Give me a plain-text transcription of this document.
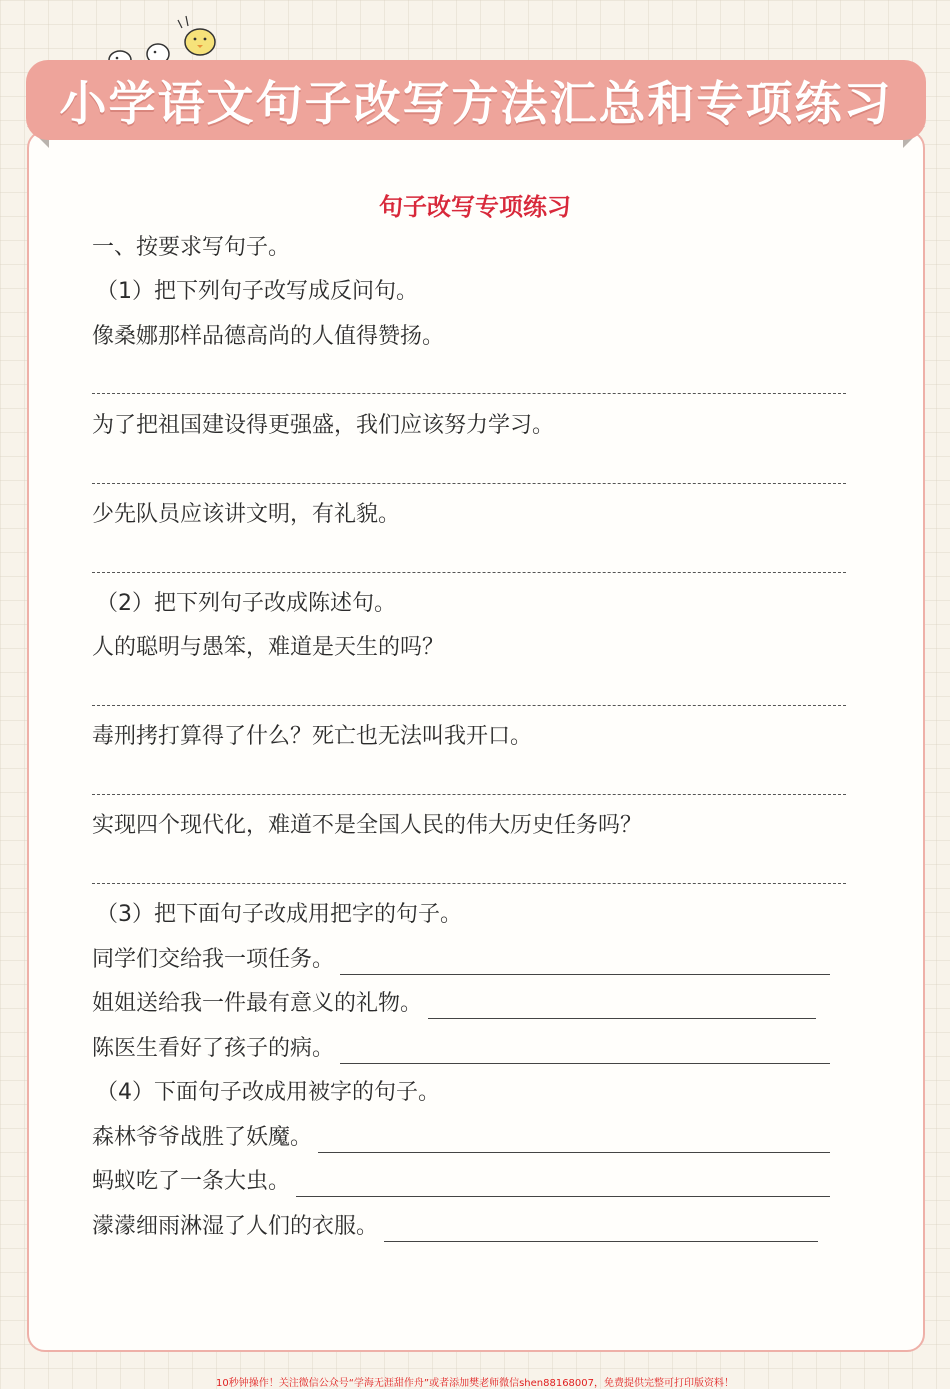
小学语文句子改写方法汇总和专项练习
句子改写专项练习
一、按要求写句子。
（1）把下列句子改写成反问句。
像桑娜那样品德高尚的人值得赞扬。
为了把祖国建设得更强盛，我们应该努力学习。
少先队员应该讲文明，有礼貌。
（2）把下列句子改成陈述句。
人的聪明与愚笨，难道是天生的吗？
毒刑拷打算得了什么？死亡也无法叫我开口。
实现四个现代化，难道不是全国人民的伟大历史任务吗？
（3）把下面句子改成用把字的句子。
同学们交给我一项任务。
姐姐送给我一件最有意义的礼物。
陈医生看好了孩子的病。
（4）下面句子改成用被字的句子。
森林爷爷战胜了妖魔。
蚂蚁吃了一条大虫。
濛濛细雨淋湿了人们的衣服。
10秒钟操作！关注微信公众号“学海无涯甜作舟”或者添加樊老师微信shen88168007，免费提供完整可打印版资料！
